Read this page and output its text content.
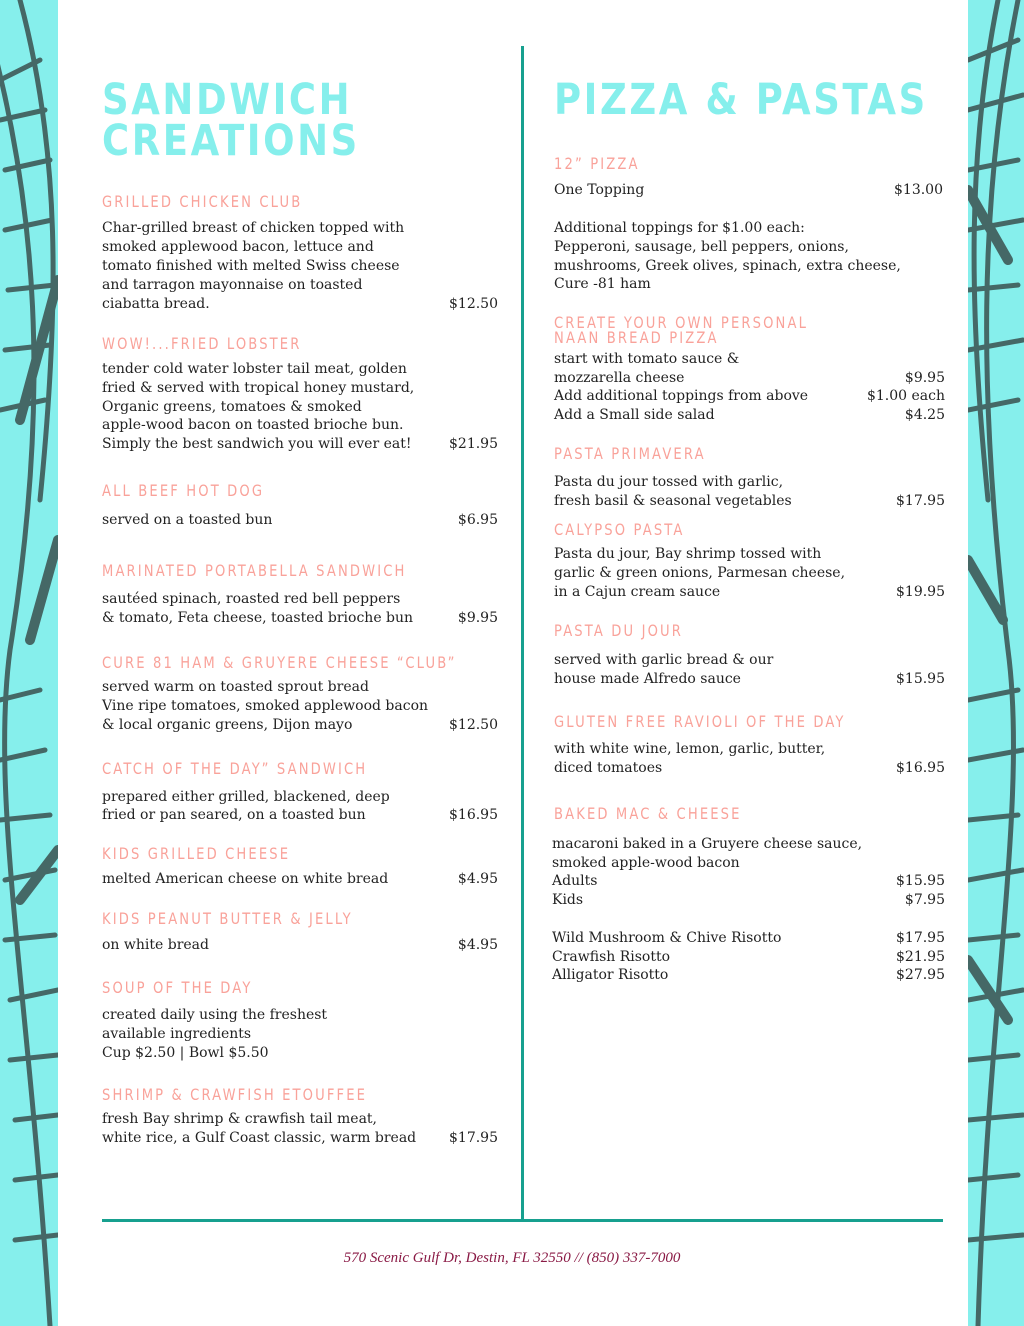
SANDWICH
CREATIONS
GRILLED CHICKEN CLUB
Char-grilled breast of chicken topped with
smoked applewood bacon, lettuce and
tomato finished with melted Swiss cheese
and tarragon mayonnaise on toasted
ciabatta bread.	$12.50
WOW!...FRIED LOBSTER
tender cold water lobster tail meat, golden
fried & served with tropical honey mustard,
Organic greens, tomatoes & smoked
apple-wood bacon on toasted brioche bun.
Simply the best sandwich you will ever eat!	$21.95
ALL BEEF HOT DOG
served on a toasted bun	$6.95
MARINATED PORTABELLA SANDWICH
sautéed spinach, roasted red bell peppers
& tomato, Feta cheese, toasted brioche bun	$9.95
CURE 81 HAM & GRUYERE CHEESE “CLUB”
served warm on toasted sprout bread
Vine ripe tomatoes, smoked applewood bacon
& local organic greens, Dijon mayo	$12.50
CATCH OF THE DAY” SANDWICH
prepared either grilled, blackened, deep
fried or pan seared, on a toasted bun	$16.95
KIDS GRILLED CHEESE
melted American cheese on white bread	$4.95
KIDS PEANUT BUTTER & JELLY
on white bread	$4.95
SOUP OF THE DAY
created daily using the freshest
available ingredients
Cup $2.50 | Bowl $5.50
SHRIMP & CRAWFISH ETOUFFEE
fresh Bay shrimp & crawfish tail meat,
white rice, a Gulf Coast classic, warm bread $17.95
PIZZA & PASTAS
12” PIZZA
One Topping	$13.00
Additional toppings for $1.00 each:
Pepperoni, sausage, bell peppers, onions,
mushrooms, Greek olives, spinach, extra cheese,
Cure -81 ham
CREATE YOUR OWN PERSONAL
NAAN BREAD PIZZA
start with tomato sauce &
mozzarella cheese	$9.95
Add additional toppings from above	$1.00 each
Add a Small side salad	$4.25
PASTA PRIMAVERA
Pasta du jour tossed with garlic,
fresh basil & seasonal vegetables	$17.95
CALYPSO PASTA
Pasta du jour, Bay shrimp tossed with
garlic & green onions, Parmesan cheese,
in a Cajun cream sauce	$19.95
PASTA DU JOUR
served with garlic bread & our
house made Alfredo sauce	$15.95
GLUTEN FREE RAVIOLI OF THE DAY
with white wine, lemon, garlic, butter,
diced tomatoes	$16.95
BAKED MAC & CHEESE
macaroni baked in a Gruyere cheese sauce,
smoked apple-wood bacon
Adults	$15.95
Kids	$7.95
Wild Mushroom & Chive Risotto	$17.95
Crawfish Risotto	$21.95
Alligator Risotto	$27.95
570 Scenic Gulf Dr, Destin, FL 32550 // (850) 337-7000
